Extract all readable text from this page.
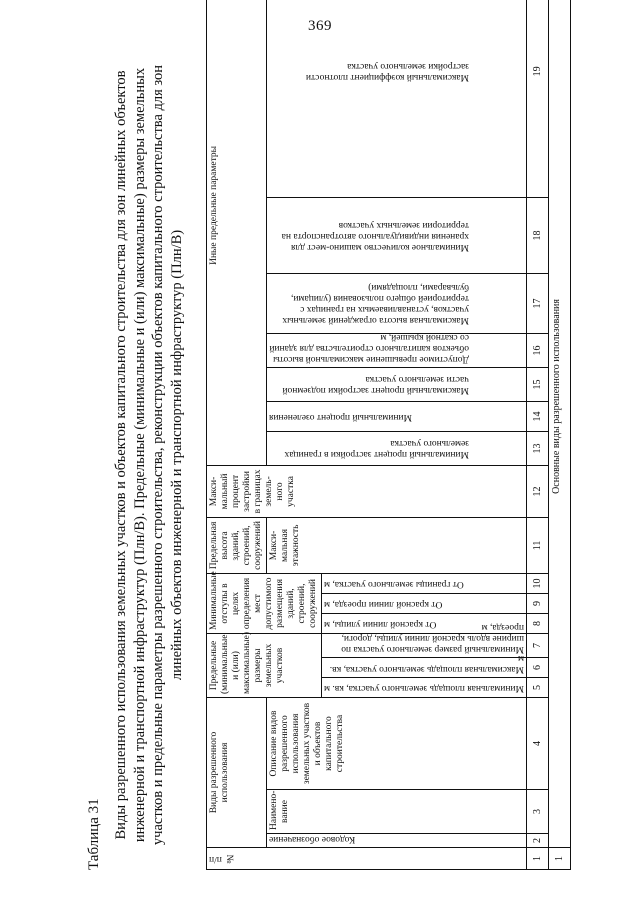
369
Таблица 31 Виды разрешенного использования земельных участков и объектов капитального строительства для зон линейных объектов инженерной и транспортной инфраструктур (Плн/В). Предельные (минимальные и (или) максимальные) размеры земельных участков и предельные параметры разрешенного строительства, реконструкции объектов капитального строительства для зон линейных объектов инженерной и транспортной инфраструктур (Плн/В)
№ п/п	Виды разрешенного использования			Предельные (минимальные и (или) максимальные) размеры земельных участков			Минимальные отступы в целях определения мест допустимого размещения зданий, строений, сооружений			Предельная высота зданий, строений, сооружений	Макси-мальный процент застройки в границах земель-ного участка	Иные предельные параметры						

	Кодовое обозначение	Наимено-вание	Описание видов разрешенного использования земельных участков и объектов капитального строительства							Макси-мальная этажность		Минимальный процент застройки в границах земельного участка	Минимальный процент озеленения	Максимальный процент застройки подземной части земельного участка	Допустимое превышение максимальной высоты объектов капитального строительства для зданий со скатной крышей, м	Максимальная высота ограждений земельных участков, устанавливаемых на границах с территорией общего пользования (улицами, бульварами, площадями)	Минимальное количество машино-мест для хранения индивидуального автотранспорта на территории земельных участков	Максимальный коэффициент плотности застройки земельного участка

				Минимальная площадь земельного участка, кв. м	Максимальная площадь земельного участка, кв. м	Минимальный размер земельного участка по ширине вдоль красной линии улицы, дороги, проезда, м	От красной линии улицы, м	От красной линии проезда, м	От границы земельного участка, м									

1	2	3	4	5	6	7	8	9	10	11	12	13	14	15	16	17	18	19
1	Основные виды разрешенного использования																	
